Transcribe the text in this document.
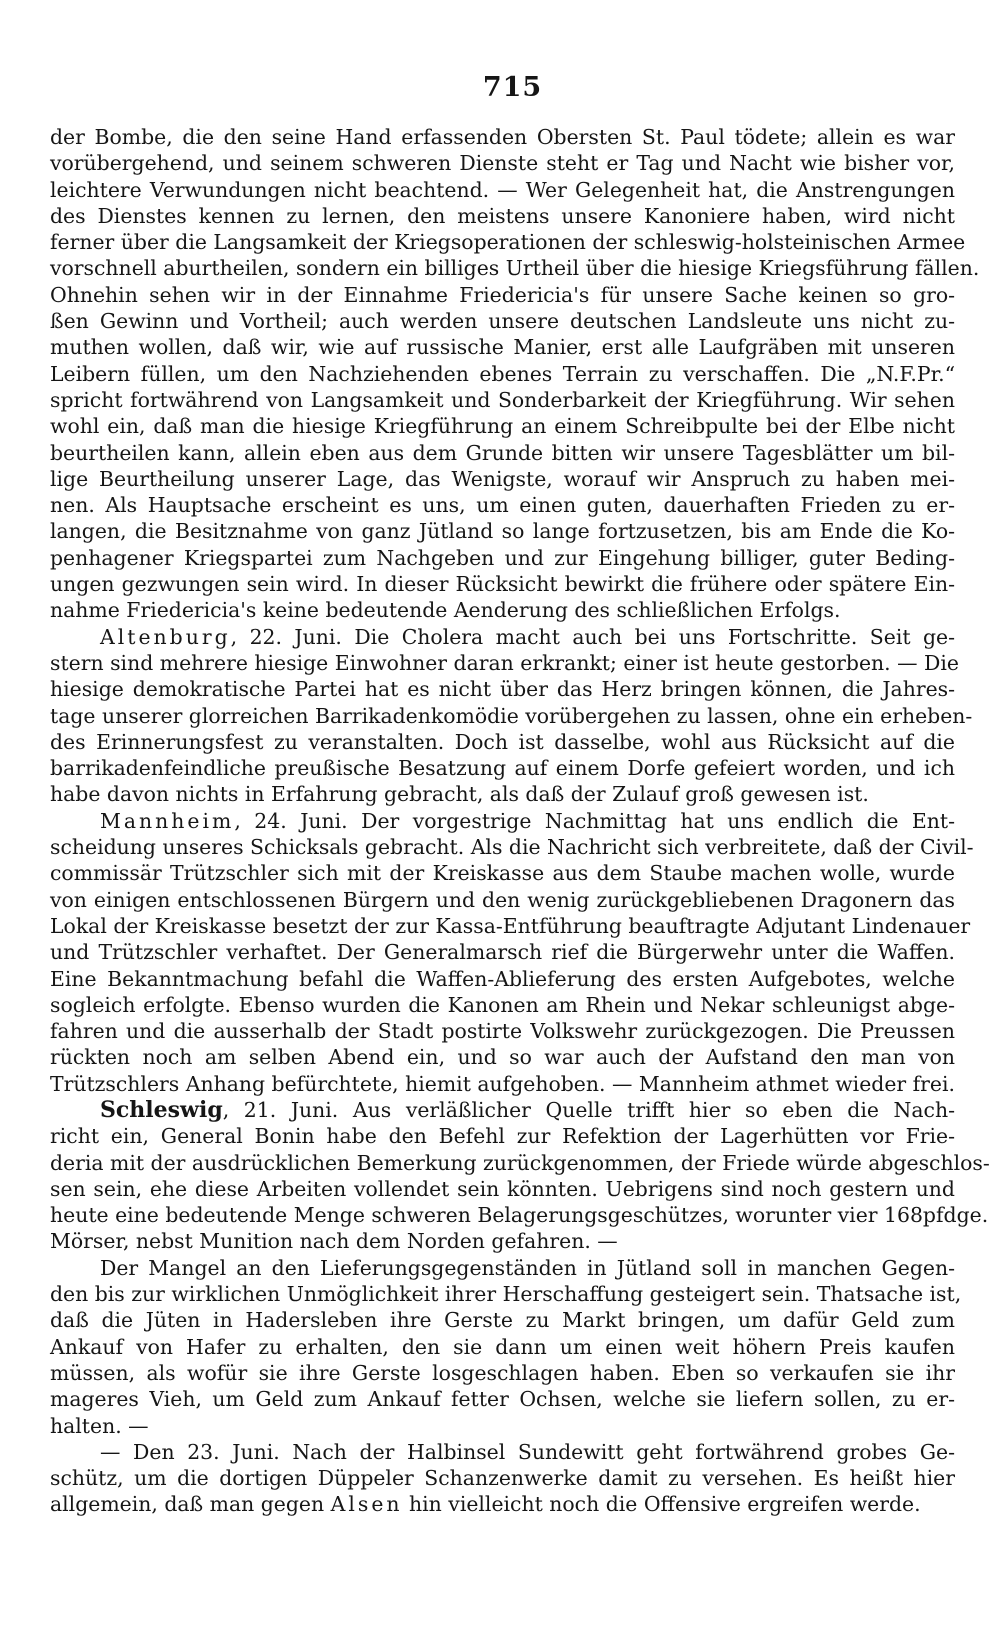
715
der Bombe, die den seine Hand erfassenden Obersten St. Paul tödete; allein es war
vorübergehend, und seinem schweren Dienste steht er Tag und Nacht wie bisher vor,
leichtere Verwundungen nicht beachtend. — Wer Gelegenheit hat, die Anstrengungen
des Dienstes kennen zu lernen, den meistens unsere Kanoniere haben, wird nicht
ferner über die Langsamkeit der Kriegsoperationen der schleswig-holsteinischen Armee
vorschnell aburtheilen, sondern ein billiges Urtheil über die hiesige Kriegsführung fällen.
Ohnehin sehen wir in der Einnahme Friedericia's für unsere Sache keinen so gro-
ßen Gewinn und Vortheil; auch werden unsere deutschen Landsleute uns nicht zu-
muthen wollen, daß wir, wie auf russische Manier, erst alle Laufgräben mit unseren
Leibern füllen, um den Nachziehenden ebenes Terrain zu verschaffen. Die „N.F.Pr.“
spricht fortwährend von Langsamkeit und Sonderbarkeit der Kriegführung. Wir sehen
wohl ein, daß man die hiesige Kriegführung an einem Schreibpulte bei der Elbe nicht
beurtheilen kann, allein eben aus dem Grunde bitten wir unsere Tagesblätter um bil-
lige Beurtheilung unserer Lage, das Wenigste, worauf wir Anspruch zu haben mei-
nen. Als Hauptsache erscheint es uns, um einen guten, dauerhaften Frieden zu er-
langen, die Besitznahme von ganz Jütland so lange fortzusetzen, bis am Ende die Ko-
penhagener Kriegspartei zum Nachgeben und zur Eingehung billiger, guter Beding-
ungen gezwungen sein wird. In dieser Rücksicht bewirkt die frühere oder spätere Ein-
nahme Friedericia's keine bedeutende Aenderung des schließlichen Erfolgs.
Altenburg, 22. Juni. Die Cholera macht auch bei uns Fortschritte. Seit ge-
stern sind mehrere hiesige Einwohner daran erkrankt; einer ist heute gestorben. — Die
hiesige demokratische Partei hat es nicht über das Herz bringen können, die Jahres-
tage unserer glorreichen Barrikadenkomödie vorübergehen zu lassen, ohne ein erheben-
des Erinnerungsfest zu veranstalten. Doch ist dasselbe, wohl aus Rücksicht auf die
barrikadenfeindliche preußische Besatzung auf einem Dorfe gefeiert worden, und ich
habe davon nichts in Erfahrung gebracht, als daß der Zulauf groß gewesen ist.
Mannheim, 24. Juni. Der vorgestrige Nachmittag hat uns endlich die Ent-
scheidung unseres Schicksals gebracht. Als die Nachricht sich verbreitete, daß der Civil-
commissär Trützschler sich mit der Kreiskasse aus dem Staube machen wolle, wurde
von einigen entschlossenen Bürgern und den wenig zurückgebliebenen Dragonern das
Lokal der Kreiskasse besetzt der zur Kassa-Entführung beauftragte Adjutant Lindenauer
und Trützschler verhaftet. Der Generalmarsch rief die Bürgerwehr unter die Waffen.
Eine Bekanntmachung befahl die Waffen-Ablieferung des ersten Aufgebotes, welche
sogleich erfolgte. Ebenso wurden die Kanonen am Rhein und Nekar schleunigst abge-
fahren und die ausserhalb der Stadt postirte Volkswehr zurückgezogen. Die Preussen
rückten noch am selben Abend ein, und so war auch der Aufstand den man von
Trützschlers Anhang befürchtete, hiemit aufgehoben. — Mannheim athmet wieder frei.
Schleswig, 21. Juni. Aus verläßlicher Quelle trifft hier so eben die Nach-
richt ein, General Bonin habe den Befehl zur Refektion der Lagerhütten vor Frie-
deria mit der ausdrücklichen Bemerkung zurückgenommen, der Friede würde abgeschlos-
sen sein, ehe diese Arbeiten vollendet sein könnten. Uebrigens sind noch gestern und
heute eine bedeutende Menge schweren Belagerungsgeschützes, worunter vier 168pfdge.
Mörser, nebst Munition nach dem Norden gefahren. —
Der Mangel an den Lieferungsgegenständen in Jütland soll in manchen Gegen-
den bis zur wirklichen Unmöglichkeit ihrer Herschaffung gesteigert sein. Thatsache ist,
daß die Jüten in Hadersleben ihre Gerste zu Markt bringen, um dafür Geld zum
Ankauf von Hafer zu erhalten, den sie dann um einen weit höhern Preis kaufen
müssen, als wofür sie ihre Gerste losgeschlagen haben. Eben so verkaufen sie ihr
mageres Vieh, um Geld zum Ankauf fetter Ochsen, welche sie liefern sollen, zu er-
halten. —
— Den 23. Juni. Nach der Halbinsel Sundewitt geht fortwährend grobes Ge-
schütz, um die dortigen Düppeler Schanzenwerke damit zu versehen. Es heißt hier
allgemein, daß man gegen Alsen hin vielleicht noch die Offensive ergreifen werde.
